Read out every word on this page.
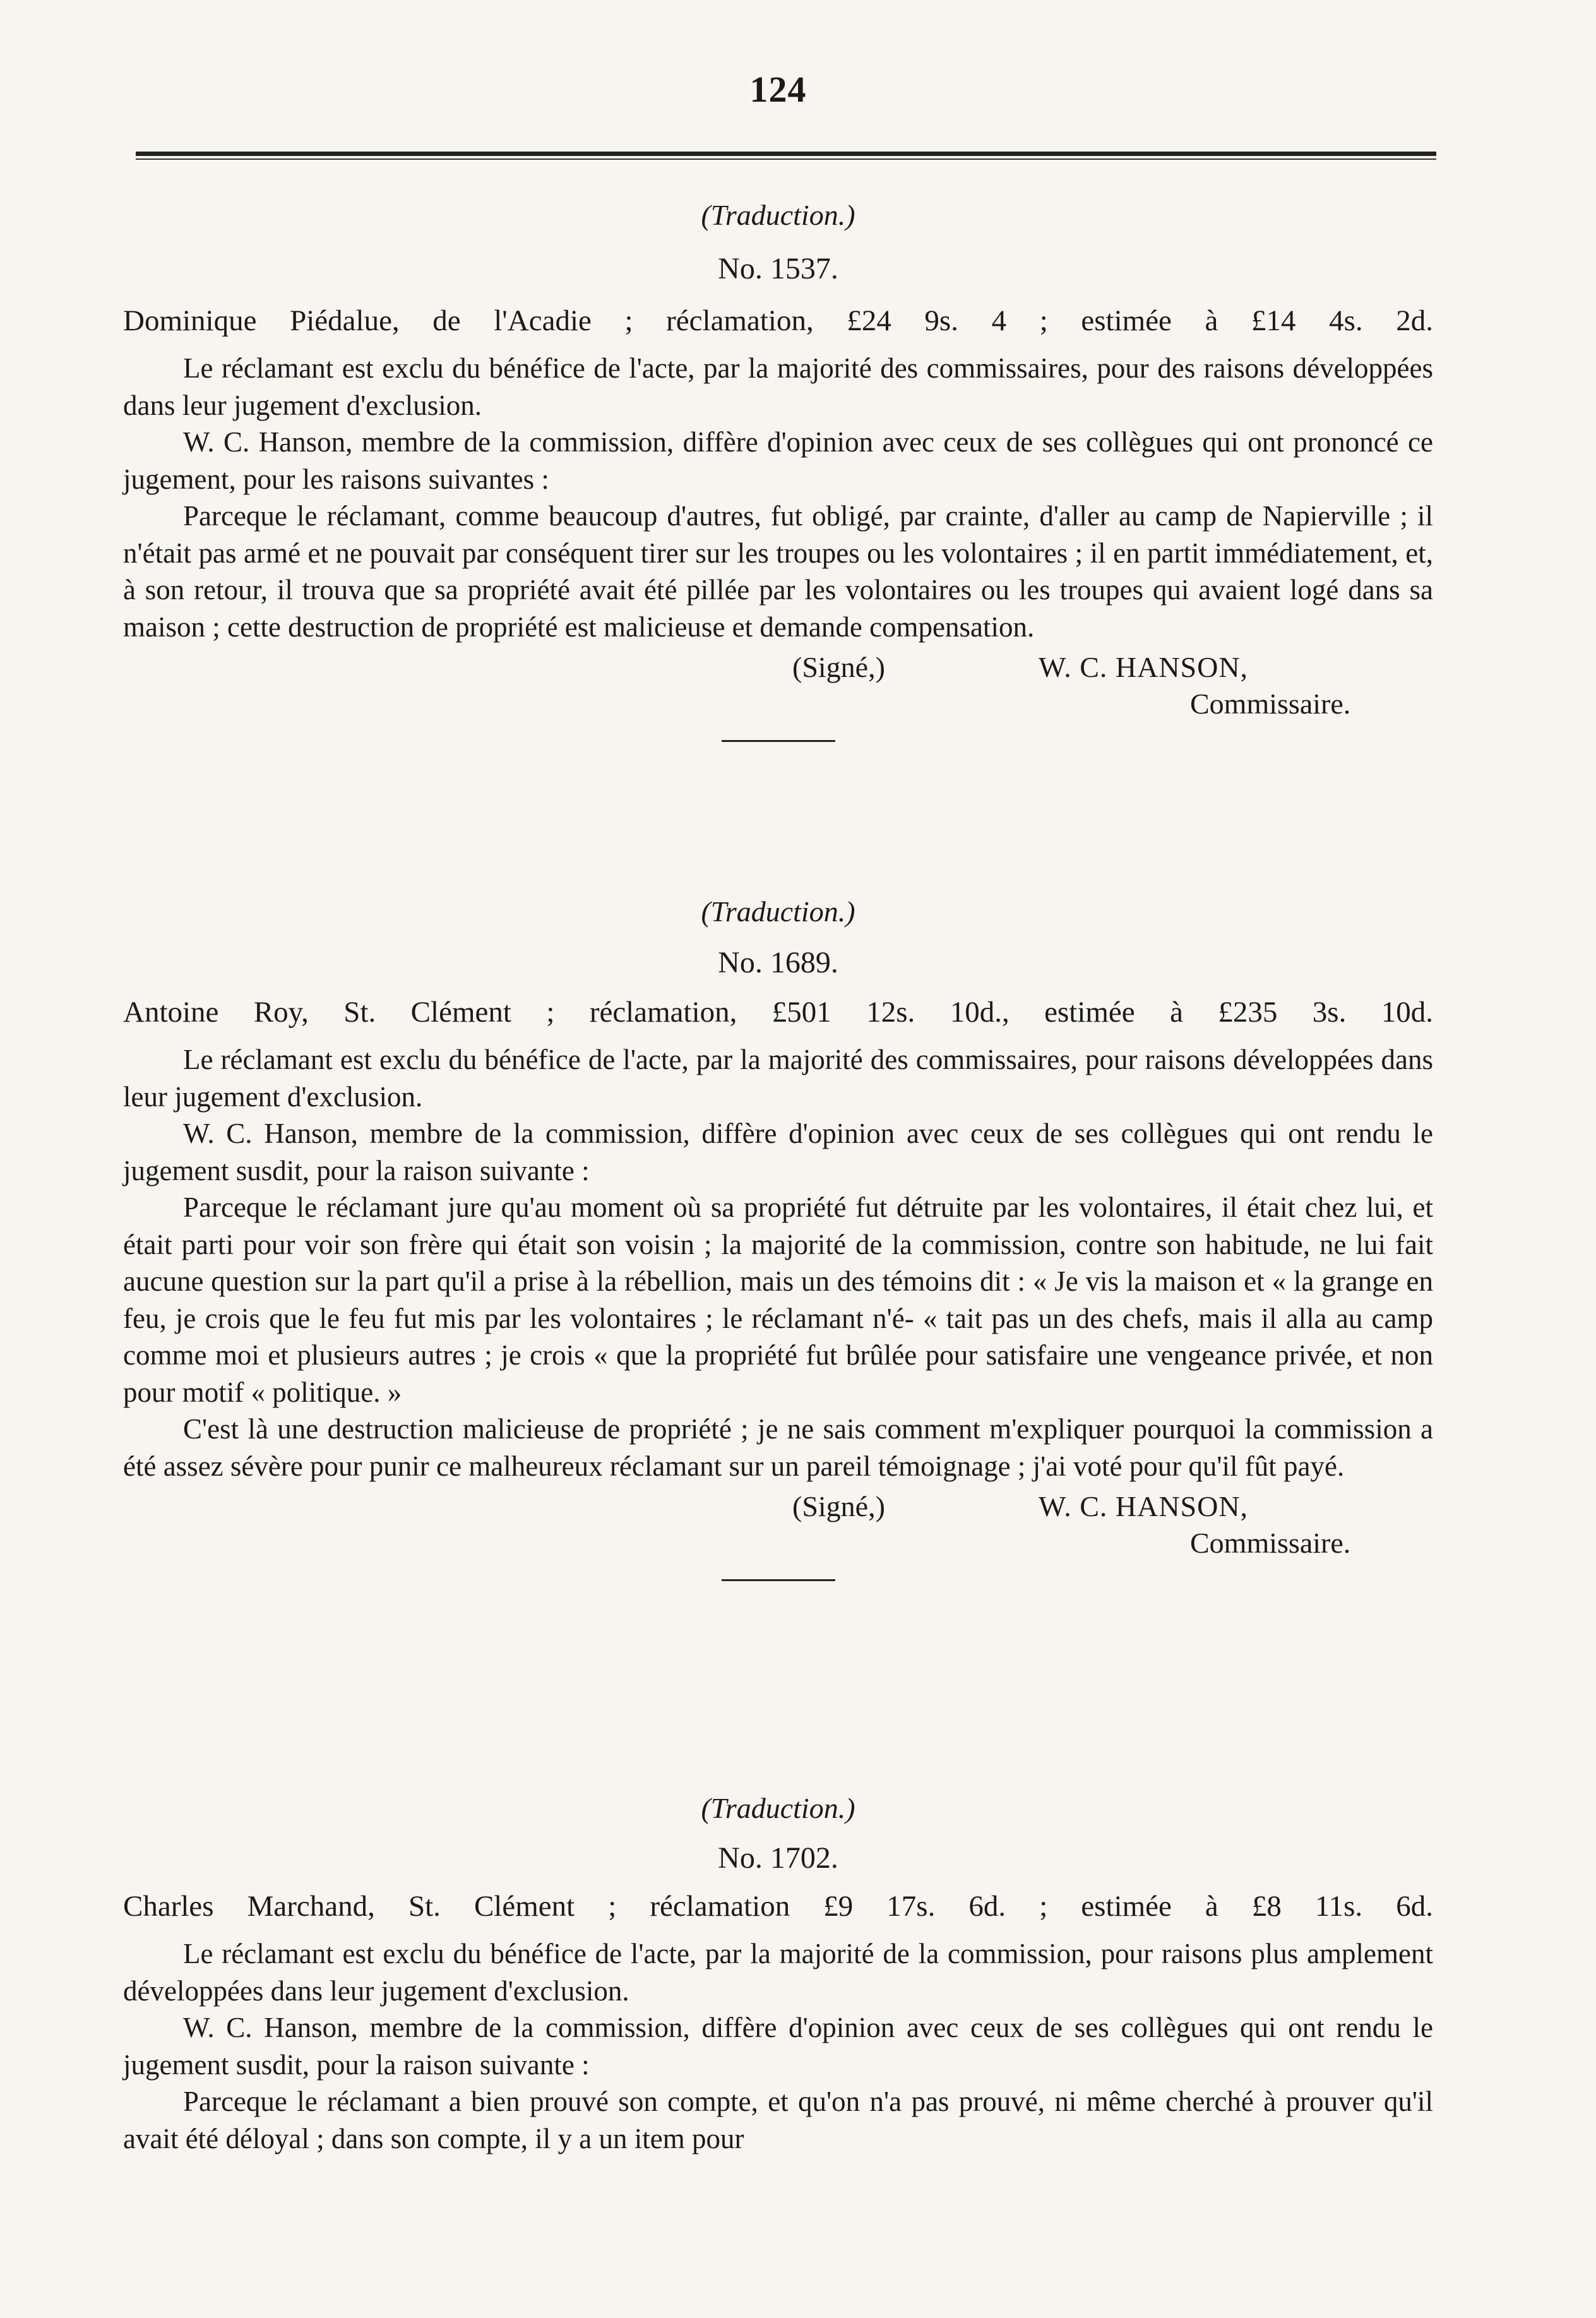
124
(Traduction.)
No. 1537.
Dominique Piédalue, de l'Acadie ; réclamation, £24 9s. 4 ; estimée à £14 4s. 2d.

Le réclamant est exclu du bénéfice de l'acte, par la majorité des commissaires, pour des raisons développées dans leur jugement d'exclusion.

W. C. Hanson, membre de la commission, diffère d'opinion avec ceux de ses collègues qui ont prononcé ce jugement, pour les raisons suivantes :

Parceque le réclamant, comme beaucoup d'autres, fut obligé, par crainte, d'aller au camp de Napierville ; il n'était pas armé et ne pouvait par conséquent tirer sur les troupes ou les volontaires ; il en partit immédiatement, et, à son retour, il trouva que sa propriété avait été pillée par les volontaires ou les troupes qui avaient logé dans sa maison ; cette destruction de propriété est malicieuse et demande compensation.

(Signé,)	W. C. HANSON,
Commissaire.
(Traduction.)
No. 1689.
Antoine Roy, St. Clément ; réclamation, £501 12s. 10d., estimée à £235 3s. 10d.

Le réclamant est exclu du bénéfice de l'acte, par la majorité des commissaires, pour raisons développées dans leur jugement d'exclusion.

W. C. Hanson, membre de la commission, diffère d'opinion avec ceux de ses collègues qui ont rendu le jugement susdit, pour la raison suivante :

Parceque le réclamant jure qu'au moment où sa propriété fut détruite par les volontaires, il était chez lui, et était parti pour voir son frère qui était son voisin ; la majorité de la commission, contre son habitude, ne lui fait aucune question sur la part qu'il a prise à la rébellion, mais un des témoins dit : « Je vis la maison et « la grange en feu, je crois que le feu fut mis par les volontaires ; le réclamant n'é- « tait pas un des chefs, mais il alla au camp comme moi et plusieurs autres ; je crois « que la propriété fut brûlée pour satisfaire une vengeance privée, et non pour motif « politique. »

C'est là une destruction malicieuse de propriété ; je ne sais comment m'expliquer pourquoi la commission a été assez sévère pour punir ce malheureux réclamant sur un pareil témoignage ; j'ai voté pour qu'il fût payé.

(Signé,)	W. C. HANSON,
Commissaire.
(Traduction.)
No. 1702.
Charles Marchand, St. Clément ; réclamation £9 17s. 6d. ; estimée à £8 11s. 6d.

Le réclamant est exclu du bénéfice de l'acte, par la majorité de la commission, pour raisons plus amplement développées dans leur jugement d'exclusion.

W. C. Hanson, membre de la commission, diffère d'opinion avec ceux de ses collègues qui ont rendu le jugement susdit, pour la raison suivante :

Parceque le réclamant a bien prouvé son compte, et qu'on n'a pas prouvé, ni même cherché à prouver qu'il avait été déloyal ; dans son compte, il y a un item pour
